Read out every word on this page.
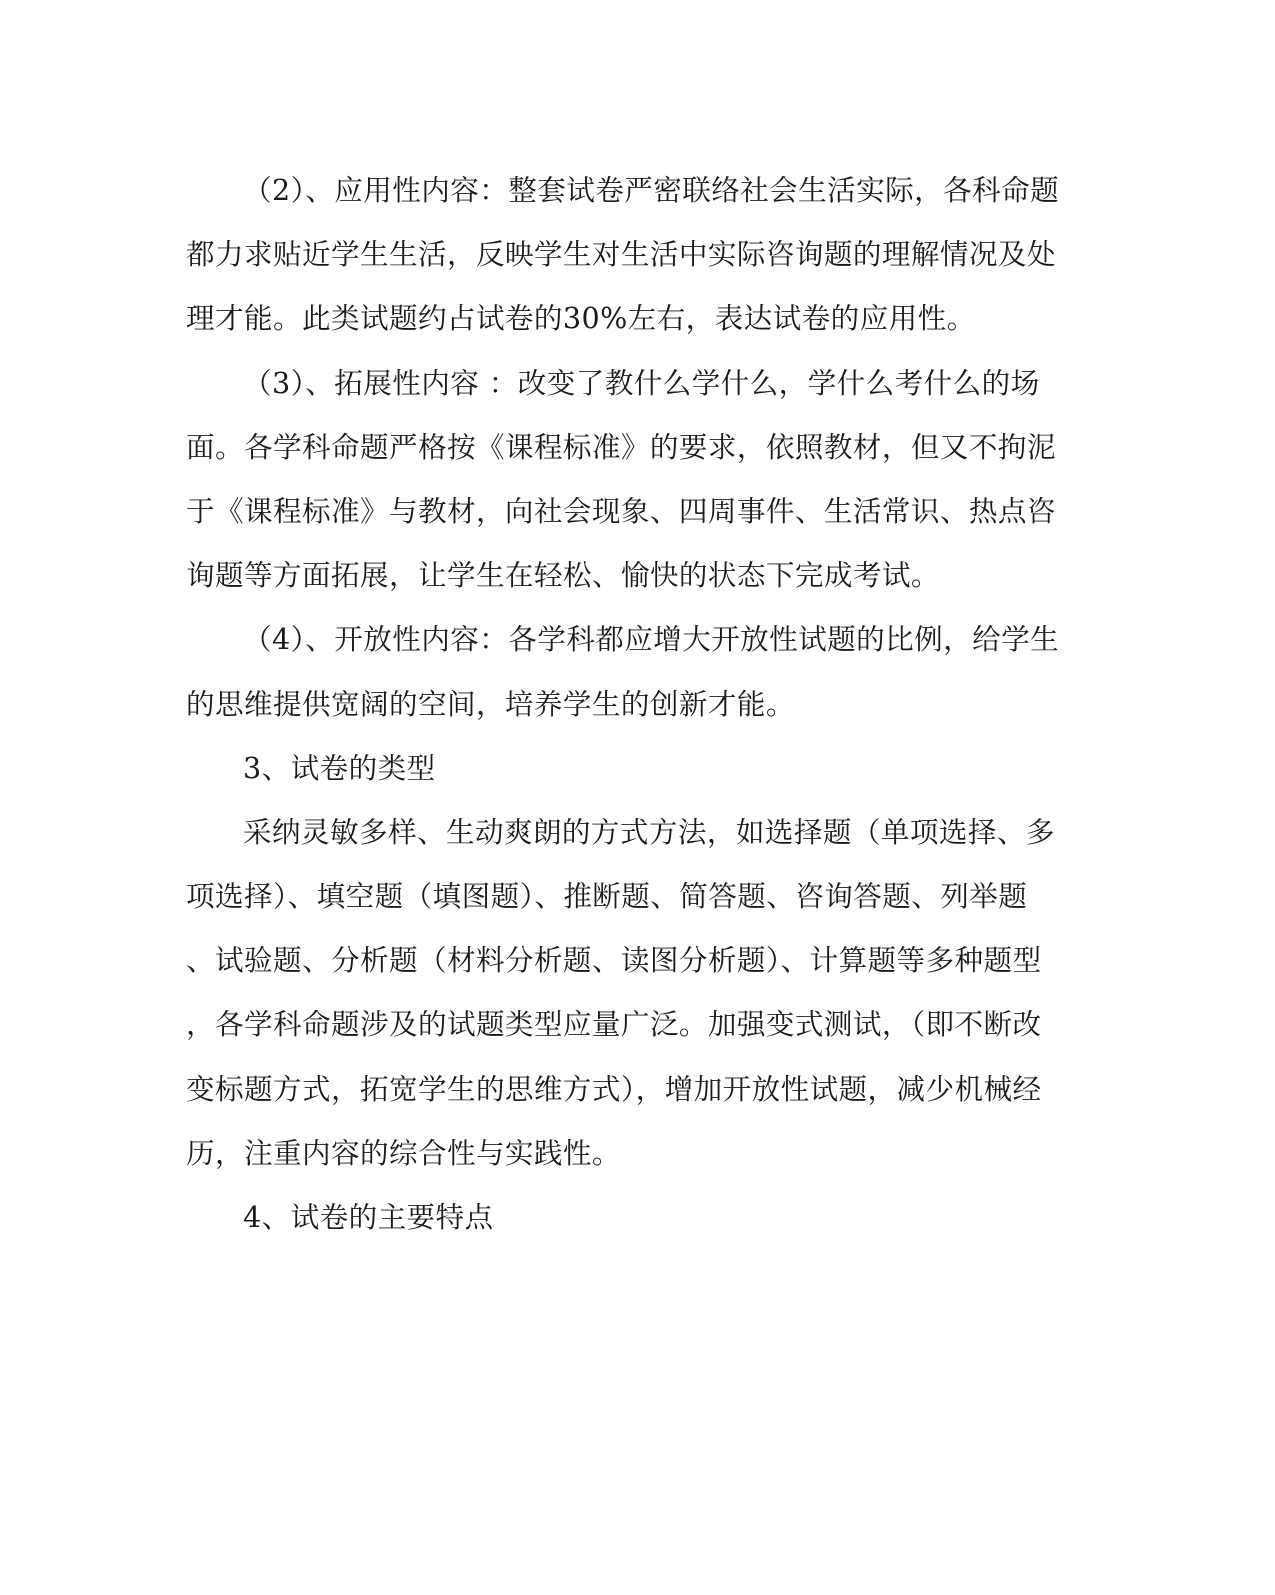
（2）、应用性内容：整套试卷严密联络社会生活实际，各科命题
都力求贴近学生生活，反映学生对生活中实际咨询题的理解情况及处
理才能。此类试题约占试卷的30%左右，表达试卷的应用性。

（3）、拓展性内容 ：改变了教什么学什么，学什么考什么的场
面。各学科命题严格按《课程标准》的要求，依照教材，但又不拘泥
于《课程标准》与教材，向社会现象、四周事件、生活常识、热点咨
询题等方面拓展，让学生在轻松、愉快的状态下完成考试。

（4）、开放性内容：各学科都应增大开放性试题的比例，给学生
的思维提供宽阔的空间，培养学生的创新才能。

3、试卷的类型

采纳灵敏多样、生动爽朗的方式方法，如选择题（单项选择、多
项选择）、填空题（填图题）、推断题、简答题、咨询答题、列举题
、试验题、分析题（材料分析题、读图分析题）、计算题等多种题型
，各学科命题涉及的试题类型应量广泛。加强变式测试，（即不断改
变标题方式，拓宽学生的思维方式），增加开放性试题，减少机械经
历，注重内容的综合性与实践性。

4、试卷的主要特点
